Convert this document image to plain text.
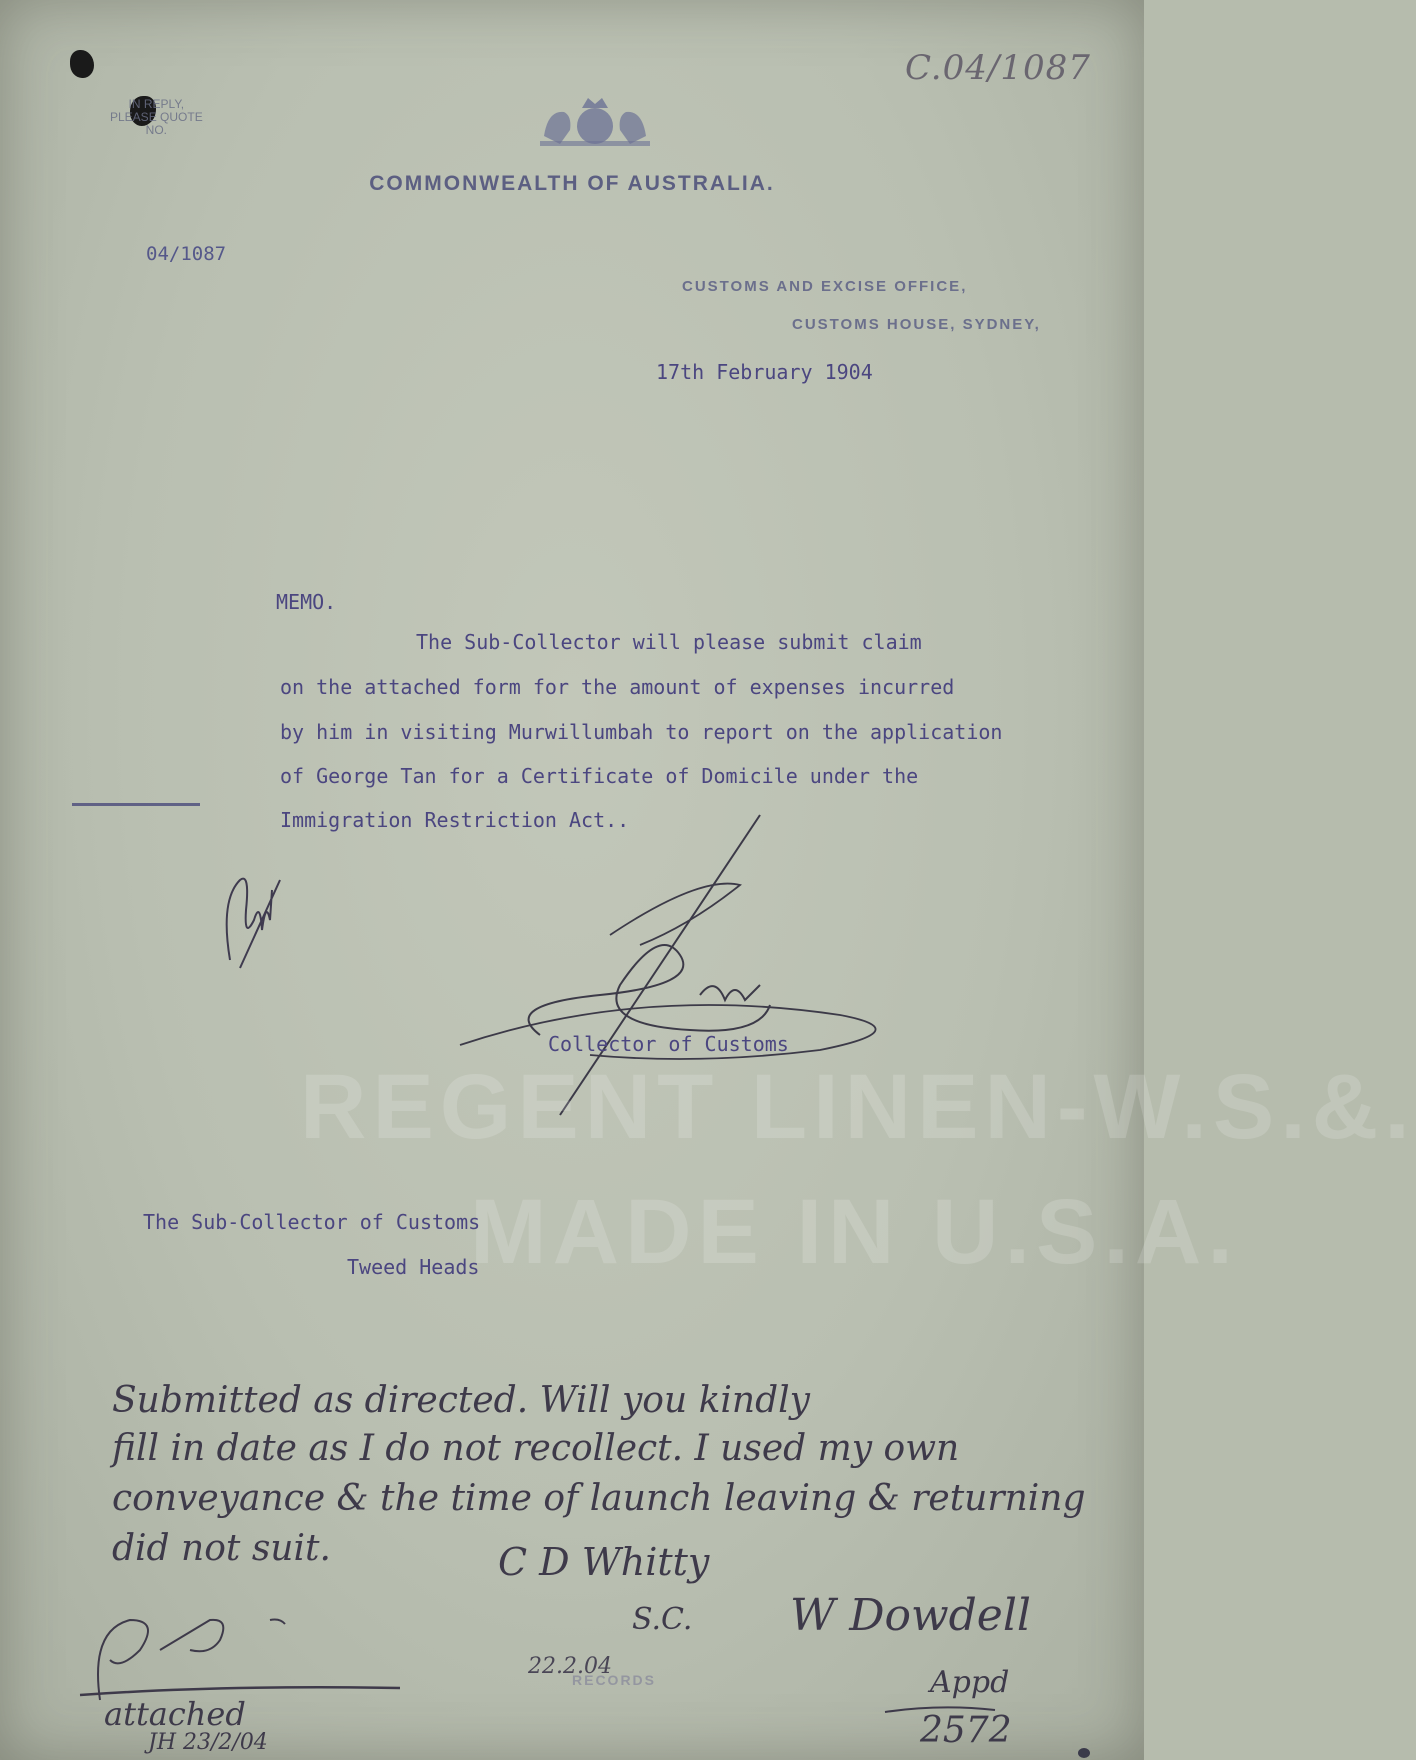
C.04/1087
IN REPLY,
PLEASE QUOTE
NO.
COMMONWEALTH OF AUSTRALIA.
04/1087
CUSTOMS AND EXCISE OFFICE,
CUSTOMS HOUSE, SYDNEY,
17th February 1904
MEMO.
The Sub-Collector will please submit claim
on the attached form for the amount of expenses incurred
by him in visiting Murwillumbah to report on the application
of George Tan for a Certificate of Domicile under the
Immigration Restriction Act..
Collector of Customs
REGENT LINEN-W.S.&.
MADE IN U.S.A.
The Sub-Collector of Customs
Tweed Heads
Submitted as directed. Will you kindly
fill in date as I do not recollect. I used my own
conveyance & the time of launch leaving & returning
did not suit.	C D Whitty
S.C.
22.2.04
RECORDS
W Dowdell
Appd
2572
attached
JH 23/2/04
